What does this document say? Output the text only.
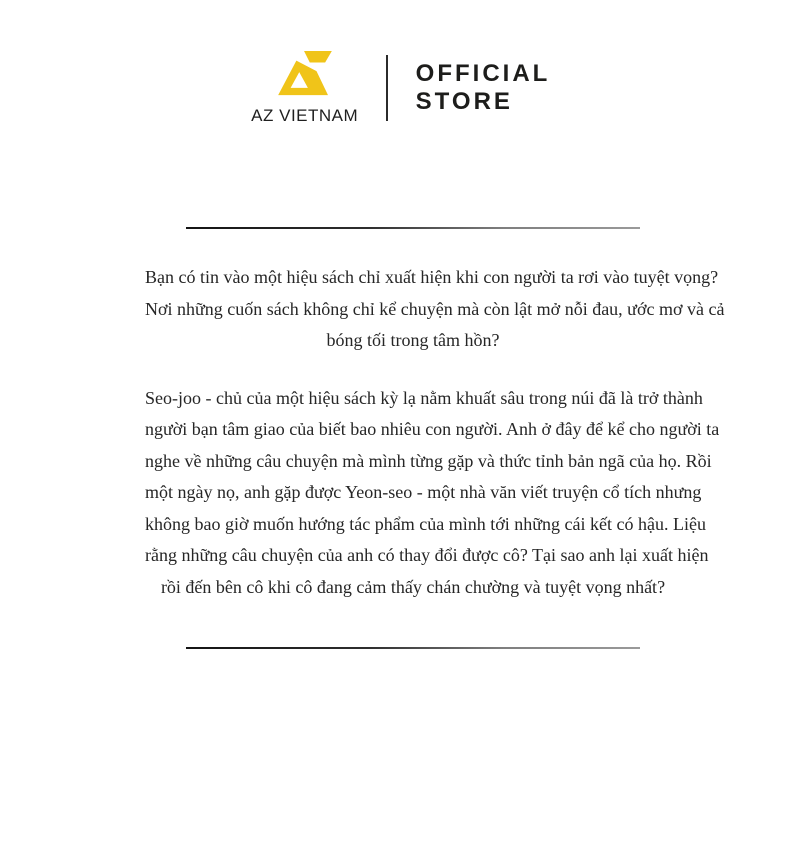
AZ VIETNAM
OFFICIAL
STORE

Bạn có tin vào một hiệu sách chỉ xuất hiện khi con người ta rơi vào tuyệt vọng?
Nơi những cuốn sách không chỉ kể chuyện mà còn lật mở nỗi đau, ước mơ và cả
bóng tối trong tâm hồn?

Seo-joo - chủ của một hiệu sách kỳ lạ nằm khuất sâu trong núi đã là trở thành
người bạn tâm giao của biết bao nhiêu con người. Anh ở đây để kể cho người ta
nghe về những câu chuyện mà mình từng gặp và thức tỉnh bản ngã của họ. Rồi
một ngày nọ, anh gặp được Yeon-seo - một nhà văn viết truyện cổ tích nhưng
không bao giờ muốn hướng tác phẩm của mình tới những cái kết có hậu. Liệu
rằng những câu chuyện của anh có thay đổi được cô? Tại sao anh lại xuất hiện
rồi đến bên cô khi cô đang cảm thấy chán chường và tuyệt vọng nhất?
